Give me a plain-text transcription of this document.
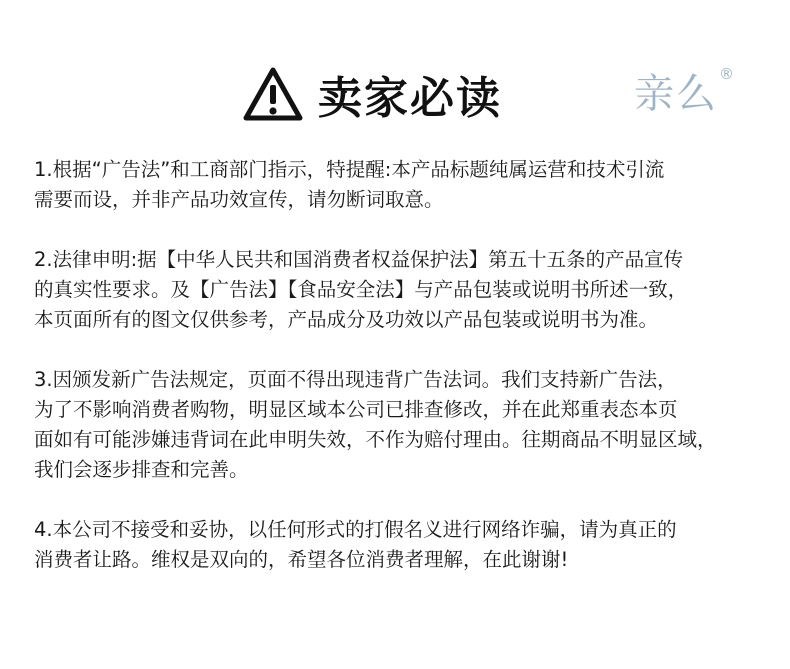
卖家必读	亲么 ®
1.根据“广告法”和工商部门指示，特提醒:本产品标题纯属运营和技术引流
需要而设，并非产品功效宣传，请勿断词取意。
2.法律申明:据【中华人民共和国消费者权益保护法】第五十五条的产品宣传
的真实性要求。及【广告法】【食品安全法】与产品包装或说明书所述一致，
本页面所有的图文仅供参考，产品成分及功效以产品包装或说明书为准。
3.因颁发新广告法规定，页面不得出现违背广告法词。我们支持新广告法，
为了不影响消费者购物，明显区域本公司已排查修改，并在此郑重表态本页
面如有可能涉嫌违背词在此申明失效，不作为赔付理由。往期商品不明显区域，
我们会逐步排查和完善。
4.本公司不接受和妥协，以任何形式的打假名义进行网络诈骗，请为真正的
消费者让路。维权是双向的，希望各位消费者理解，在此谢谢!
